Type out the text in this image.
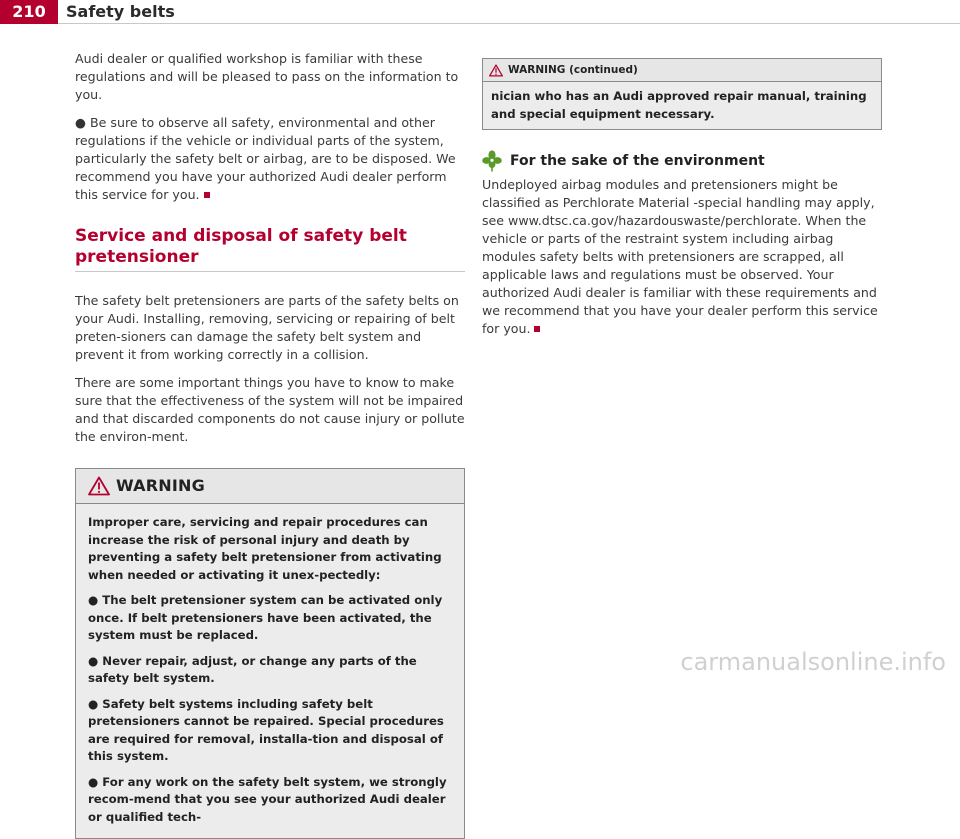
210	Safety belts

Audi dealer or qualified workshop is familiar with these regulations and will be pleased to pass on the information to you.

● Be sure to observe all safety, environmental and other regulations if the vehicle or individual parts of the system, particularly the safety belt or airbag, are to be disposed. We recommend you have your authorized Audi dealer perform this service for you.

Service and disposal of safety belt pretensioner

The safety belt pretensioners are parts of the safety belts on your Audi. Installing, removing, servicing or repairing of belt preten-sioners can damage the safety belt system and prevent it from working correctly in a collision.

There are some important things you have to know to make sure that the effectiveness of the system will not be impaired and that discarded components do not cause injury or pollute the environ-ment.

WARNING

Improper care, servicing and repair procedures can increase the risk of personal injury and death by preventing a safety belt pretensioner from activating when needed or activating it unex-pectedly:

● The belt pretensioner system can be activated only once. If belt pretensioners have been activated, the system must be replaced.

● Never repair, adjust, or change any parts of the safety belt system.

● Safety belt systems including safety belt pretensioners cannot be repaired. Special procedures are required for removal, installa-tion and disposal of this system.

● For any work on the safety belt system, we strongly recom-mend that you see your authorized Audi dealer or qualified tech-

WARNING (continued)
nician who has an Audi approved repair manual, training and special equipment necessary.
For the sake of the environment

Undeployed airbag modules and pretensioners might be classified as Perchlorate Material -special handling may apply, see www.dtsc.ca.gov/hazardouswaste/perchlorate. When the vehicle or parts of the restraint system including airbag modules safety belts with pretensioners are scrapped, all applicable laws and regulations must be observed. Your authorized Audi dealer is familiar with these requirements and we recommend that you have your dealer perform this service for you.

carmanualsonline.info
